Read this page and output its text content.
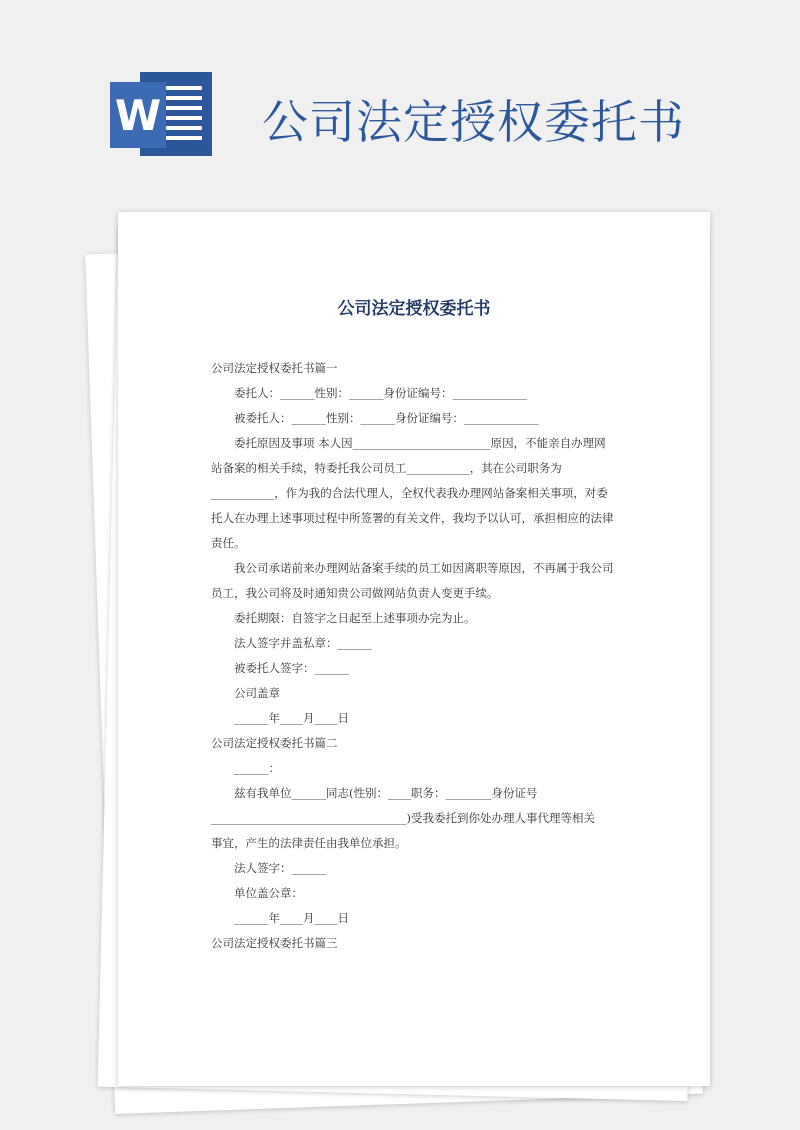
W 公司法定授权委托书
公司法定授权委托书

公司法定授权委托书篇一

委托人：______性别：______身份证编号：_____________

被委托人：______性别：______身份证编号：_____________

委托原因及事项 本人因________________________原因，不能亲自办理网

站备案的相关手续，特委托我公司员工___________，其在公司职务为

___________，作为我的合法代理人，全权代表我办理网站备案相关事项，对委

托人在办理上述事项过程中所签署的有关文件，我均予以认可，承担相应的法律

责任。

我公司承诺前来办理网站备案手续的员工如因离职等原因，不再属于我公司

员工，我公司将及时通知贵公司做网站负责人变更手续。

委托期限：自签字之日起至上述事项办完为止。

法人签字并盖私章：______

被委托人签字：______

公司盖章

______年____月____日

公司法定授权委托书篇二

______：

兹有我单位______同志(性别：____职务：________身份证号

__________________________________)受我委托到你处办理人事代理等相关

事宜，产生的法律责任由我单位承担。

法人签字：______

单位盖公章：

______年____月____日

公司法定授权委托书篇三
